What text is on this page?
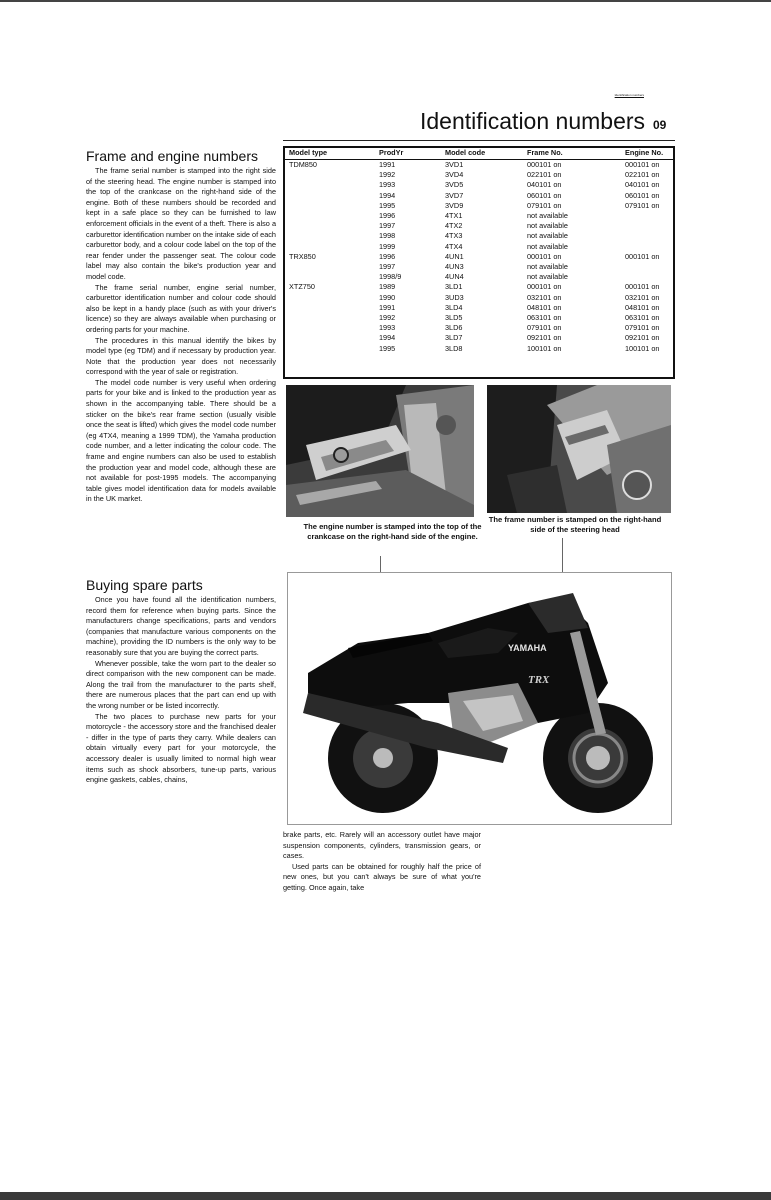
Identification numbers
Identification numbers 09
Frame and engine numbers

The frame serial number is stamped into the right side of the steering head. The engine number is stamped into the top of the crankcase on the right-hand side of the engine. Both of these numbers should be recorded and kept in a safe place so they can be furnished to law enforcement officials in the event of a theft. There is also a carburettor identification number on the intake side of each carburettor body, and a colour code label on the top of the rear fender under the passenger seat. The colour code label may also contain the bike's production year and model code.

The frame serial number, engine serial number, carburettor identification number and colour code should also be kept in a handy place (such as with your driver's licence) so they are always available when purchasing or ordering parts for your machine.

The procedures in this manual identify the bikes by model type (eg TDM) and if necessary by production year. Note that the production year does not necessarily correspond with the year of sale or registration.

The model code number is very useful when ordering parts for your bike and is linked to the production year as shown in the accompanying table. There should be a sticker on the bike's rear frame section (usually visible once the seat is lifted) which gives the model code number (eg 4TX4, meaning a 1999 TDM), the Yamaha production code number, and a letter indicating the colour code. The frame and engine numbers can also be used to establish the production year and model code, although these are not available for post-1995 models. The accompanying table gives model identification data for models available in the UK market.

Buying spare parts

Once you have found all the identification numbers, record them for reference when buying parts. Since the manufacturers change specifications, parts and vendors (companies that manufacture various components on the machine), providing the ID numbers is the only way to be reasonably sure that you are buying the correct parts.

Whenever possible, take the worn part to the dealer so direct comparison with the new component can be made. Along the trail from the manufacturer to the parts shelf, there are numerous places that the part can end up with the wrong number or be listed incorrectly.

The two places to purchase new parts for your motorcycle - the accessory store and the franchised dealer - differ in the type of parts they carry. While dealers can obtain virtually every part for your motorcycle, the accessory dealer is usually limited to normal high wear items such as shock absorbers, tune-up parts, various engine gaskets, cables, chains,

Model type	ProdYr	Model code	Frame No.	Engine No.
TDM850	1991	3VD1	000101 on	000101 on
	1992	3VD4	022101 on	022101 on
	1993	3VD5	040101 on	040101 on
	1994	3VD7	060101 on	060101 on
	1995	3VD9	079101 on	079101 on
	1996	4TX1	not available	
	1997	4TX2	not available	
	1998	4TX3	not available	
	1999	4TX4	not available	
TRX850	1996	4UN1	000101 on	000101 on
	1997	4UN3	not available	
	1998/9	4UN4	not available	
XTZ750	1989	3LD1	000101 on	000101 on
	1990	3UD3	032101 on	032101 on
	1991	3LD4	048101 on	048101 on
	1992	3LD5	063101 on	063101 on
	1993	3LD6	079101 on	079101 on
	1994	3LD7	092101 on	092101 on
	1995	3LD8	100101 on	100101 on
The engine number is stamped into the top of the crankcase on the right-hand side of the engine.
The frame number is stamped on the right-hand side of the steering head
YAMAHA
TRX

brake parts, etc. Rarely will an accessory outlet have major suspension components, cylinders, transmission gears, or cases.

Used parts can be obtained for roughly half the price of new ones, but you can't always be sure of what you're getting. Once again, take
